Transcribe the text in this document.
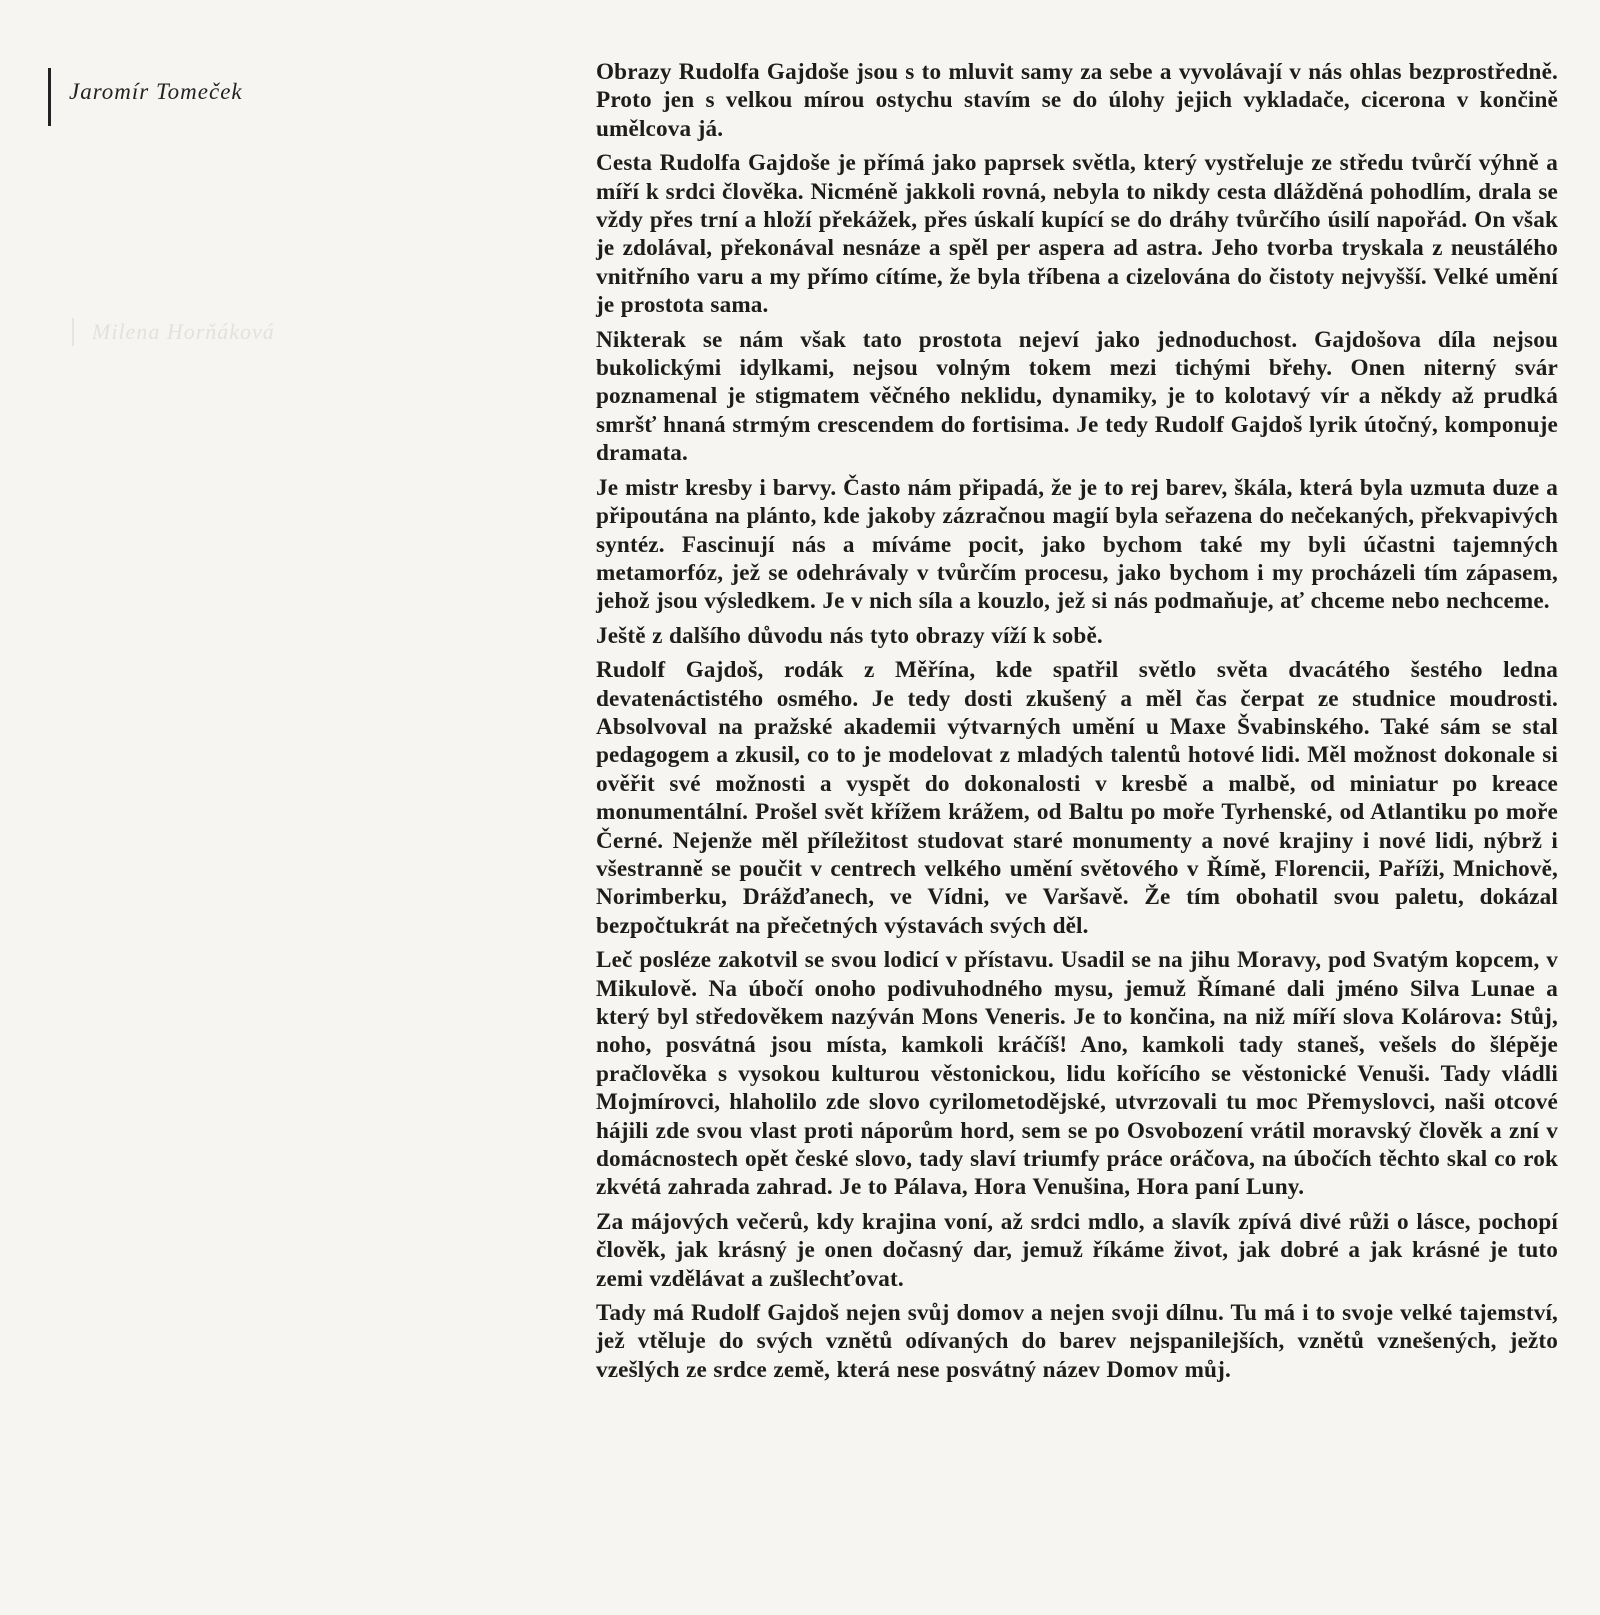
Jaromír Tomeček
Milena Horňáková

Obrazy Rudolfa Gajdoše jsou s to mluvit samy za sebe a vyvolávají v nás ohlas bezprostředně. Proto jen s velkou mírou ostychu stavím se do úlohy jejich vykladače, cicerona v končině umělcova já.

Cesta Rudolfa Gajdoše je přímá jako paprsek světla, který vystřeluje ze středu tvůrčí výhně a míří k srdci člověka. Nicméně jakkoli rovná, nebyla to nikdy cesta dlážděná pohodlím, drala se vždy přes trní a hloží překážek, přes úskalí kupící se do dráhy tvůrčího úsilí napořád. On však je zdolával, překonával nesnáze a spěl per aspera ad astra. Jeho tvorba tryskala z neustálého vnitřního varu a my přímo cítíme, že byla tříbena a cizelována do čistoty nejvyšší. Velké umění je prostota sama.

Nikterak se nám však tato prostota nejeví jako jednoduchost. Gajdošova díla nejsou bukolickými idylkami, nejsou volným tokem mezi tichými břehy. Onen niterný svár poznamenal je stigmatem věčného neklidu, dynamiky, je to kolotavý vír a někdy až prudká smršť hnaná strmým crescendem do fortisima. Je tedy Rudolf Gajdoš lyrik útočný, komponuje dramata.

Je mistr kresby i barvy. Často nám připadá, že je to rej barev, škála, která byla uzmuta duze a připoutána na plánto, kde jakoby zázračnou magií byla seřazena do nečekaných, překvapivých syntéz. Fascinují nás a míváme pocit, jako bychom také my byli účastni tajemných metamorfóz, jež se odehrávaly v tvůrčím procesu, jako bychom i my procházeli tím zápasem, jehož jsou výsledkem. Je v nich síla a kouzlo, jež si nás podmaňuje, ať chceme nebo nechceme.

Ještě z dalšího důvodu nás tyto obrazy víží k sobě.

Rudolf Gajdoš, rodák z Měřína, kde spatřil světlo světa dvacátého šestého ledna devatenáctistého osmého. Je tedy dosti zkušený a měl čas čerpat ze studnice moudrosti. Absolvoval na pražské akademii výtvarných umění u Maxe Švabinského. Také sám se stal pedagogem a zkusil, co to je modelovat z mladých talentů hotové lidi. Měl možnost dokonale si ověřit své možnosti a vyspět do dokonalosti v kresbě a malbě, od miniatur po kreace monumentální. Prošel svět křížem krážem, od Baltu po moře Tyrhenské, od Atlantiku po moře Černé. Nejenže měl příležitost studovat staré monumenty a nové krajiny i nové lidi, nýbrž i všestranně se poučit v centrech velkého umění světového v Římě, Florencii, Paříži, Mnichově, Norimberku, Drážďanech, ve Vídni, ve Varšavě. Že tím obohatil svou paletu, dokázal bezpočtukrát na přečetných výstavách svých děl.

Leč posléze zakotvil se svou lodicí v přístavu. Usadil se na jihu Moravy, pod Svatým kopcem, v Mikulově. Na úbočí onoho podivuhodného mysu, jemuž Římané dali jméno Silva Lunae a který byl středověkem nazýván Mons Veneris. Je to končina, na niž míří slova Kolárova: Stůj, noho, posvátná jsou místa, kamkoli kráčíš! Ano, kamkoli tady staneš, vešels do šlépěje pračlověka s vysokou kulturou věstonickou, lidu kořícího se věstonické Venuši. Tady vládli Mojmírovci, hlaholilo zde slovo cyrilometodějské, utvrzovali tu moc Přemyslovci, naši otcové hájili zde svou vlast proti náporům hord, sem se po Osvobození vrátil moravský člověk a zní v domácnostech opět české slovo, tady slaví triumfy práce oráčova, na úbočích těchto skal co rok zkvétá zahrada zahrad. Je to Pálava, Hora Venušina, Hora paní Luny.

Za májových večerů, kdy krajina voní, až srdci mdlo, a slavík zpívá divé růži o lásce, pochopí člověk, jak krásný je onen dočasný dar, jemuž říkáme život, jak dobré a jak krásné je tuto zemi vzdělávat a zušlechťovat.

Tady má Rudolf Gajdoš nejen svůj domov a nejen svoji dílnu. Tu má i to svoje velké tajemství, jež vtěluje do svých vznětů odívaných do barev nejspanilejších, vznětů vznešených, ježto vzešlých ze srdce země, která nese posvátný název Domov můj.
